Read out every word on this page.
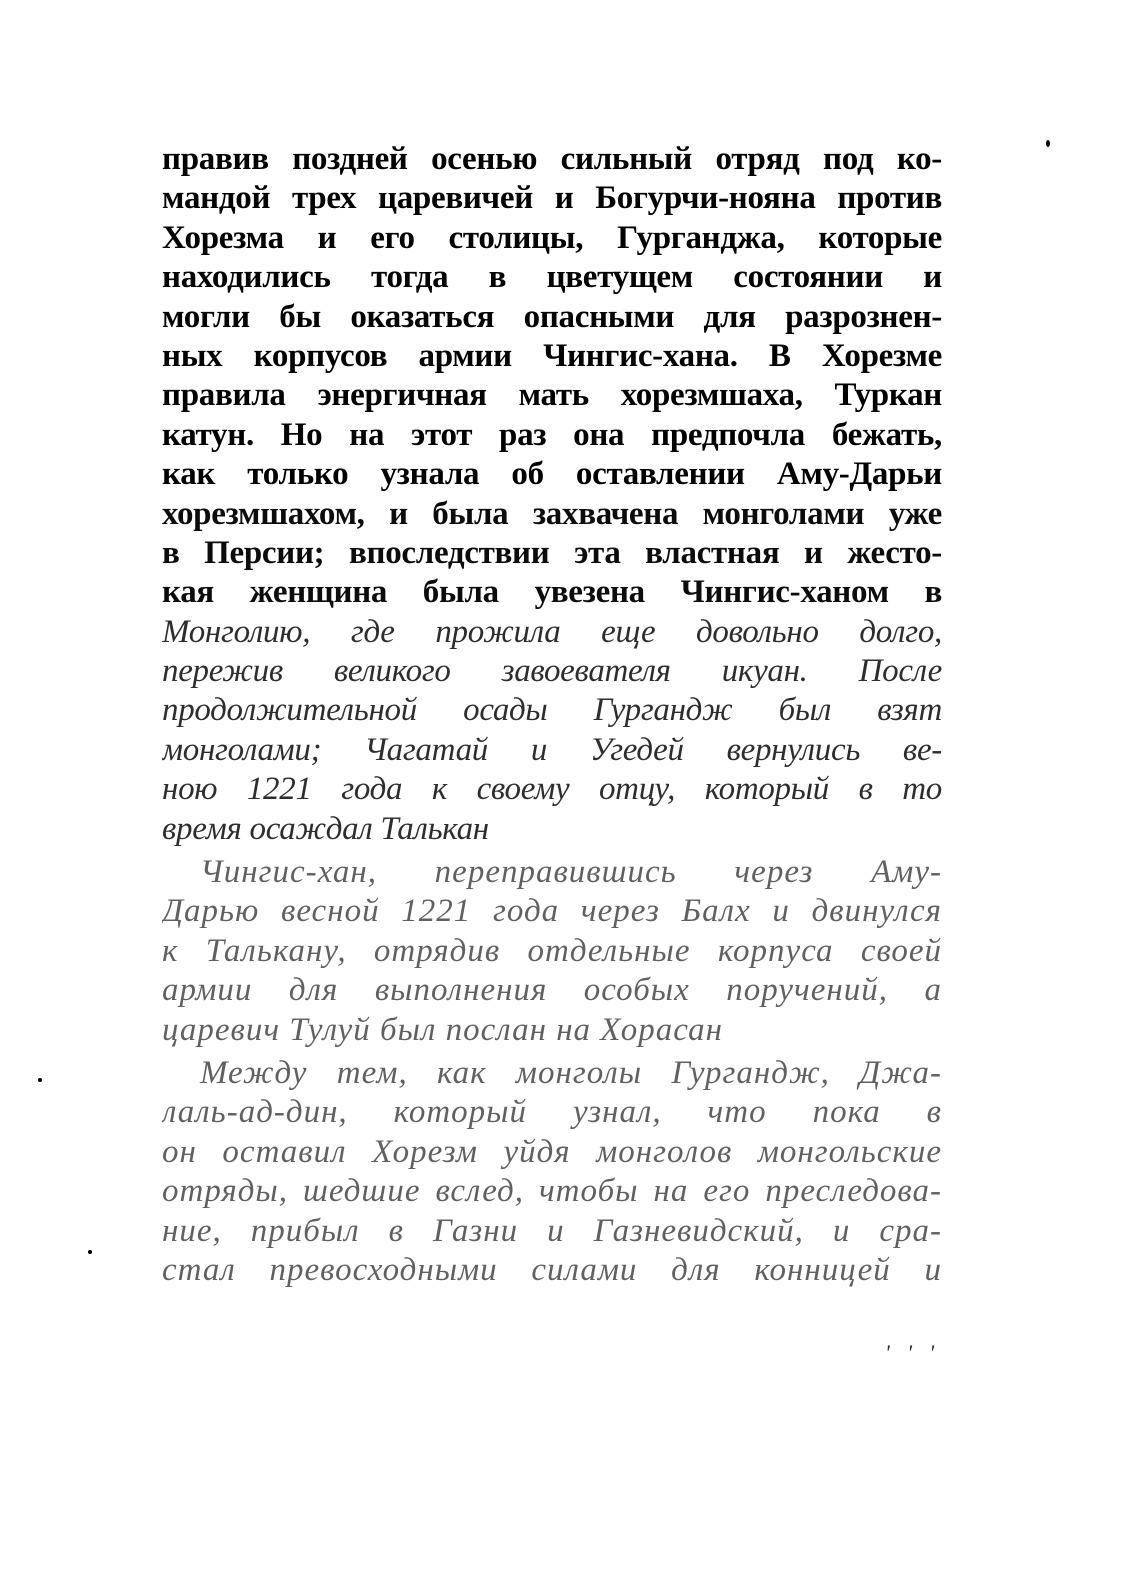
правив поздней осенью сильный отряд под ко-
мандой трех царевичей и Богурчи-нояна против
Хорезма и его столицы, Гурганджа, которые
находились тогда в цветущем состоянии и
могли бы оказаться опасными для разрознен-
ных корпусов армии Чингис-хана. В Хорезме
правила энергичная мать хорезмшаха, Туркан
катун. Но на этот раз она предпочла бежать,
как только узнала об оставлении Аму-Дарьи
хорезмшахом, и была захвачена монголами уже
в Персии; впоследствии эта властная и жесто-
кая женщина была увезена Чингис-ханом в
Монголию, где прожила еще довольно долго,
пережив великого завоевателя икуан. После
продолжительной осады Гургандж был взят
монголами; Чагатай и Угедей вернулись ве-
ною 1221 года к своему отцу, который в то
время осаждал Талькан
Чингис-хан, переправившись через Аму-
Дарью весной 1221 года через Балх и двинулся
к Талькану, отрядив отдельные корпуса своей
армии для выполнения особых поручений, а
царевич Тулуй был послан на Хорасан
Между тем, как монголы Гургандж, Джа-
лаль-ад-дин, который узнал, что пока в
он оставил Хорезм уйдя монголов монгольские
отряды, шедшие вслед, чтобы на его преследова-
ние, прибыл в Газни и Газневидский, и сра-
стал превосходными силами для конницей и
' ' '
